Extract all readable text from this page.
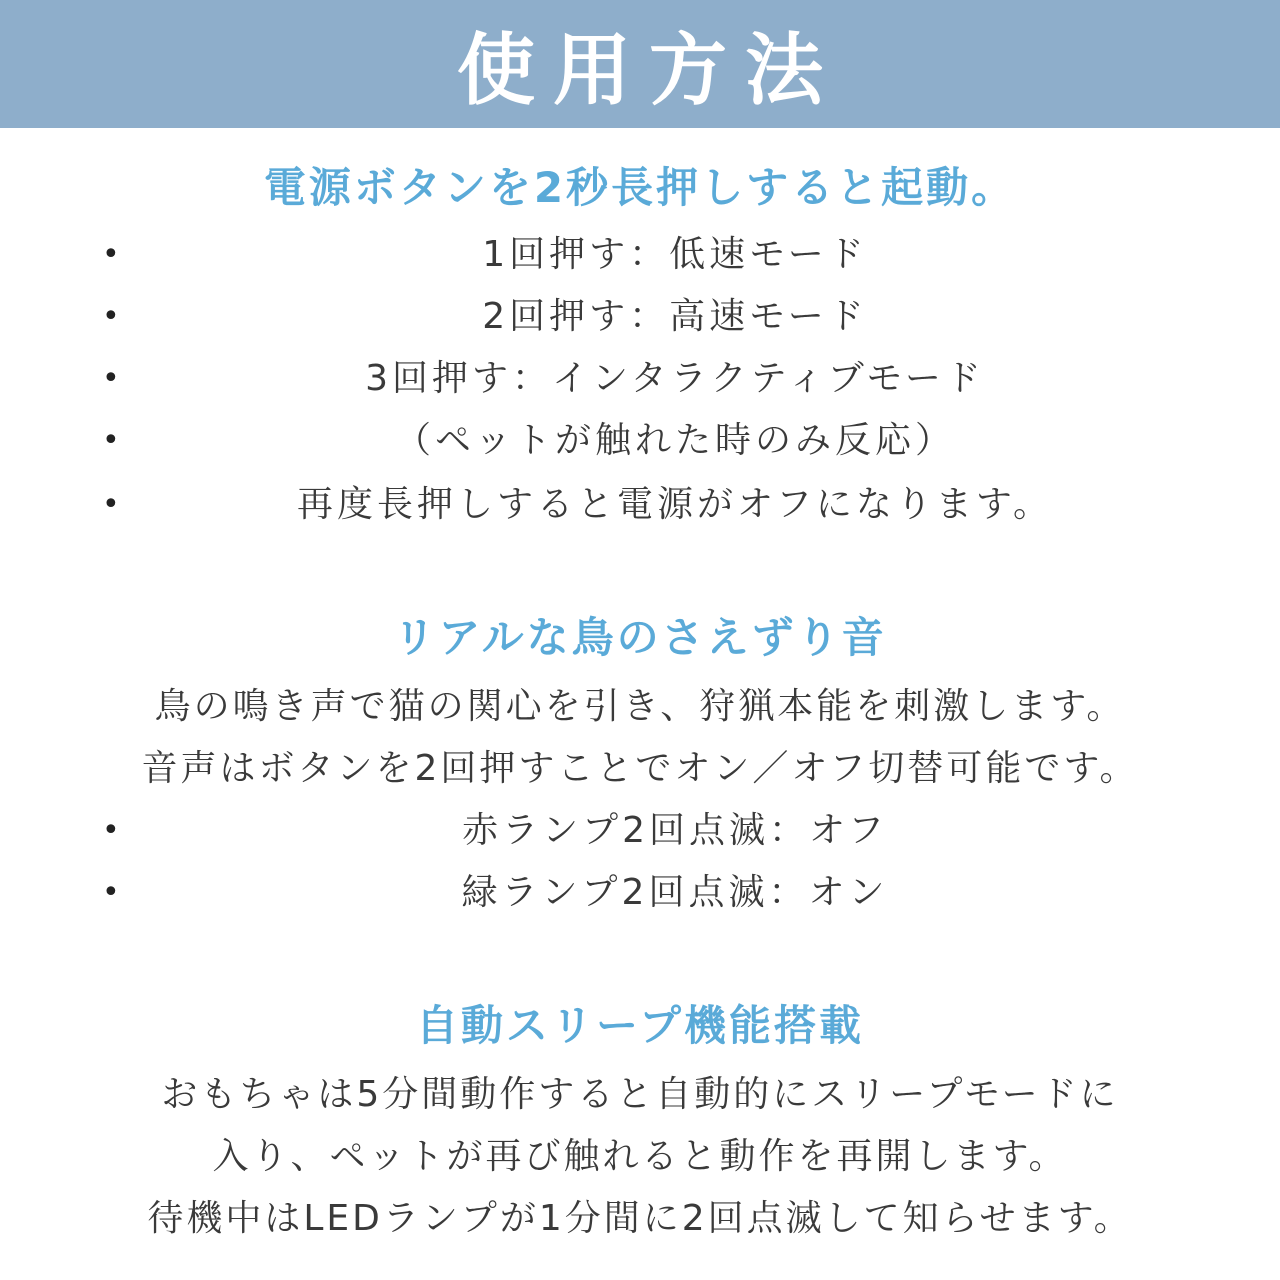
使用方法
電源ボタンを2秒長押しすると起動。
•	1回押す：低速モード
•	2回押す：高速モード
•	3回押す：インタラクティブモード
•	（ペットが触れた時のみ反応）
•	再度長押しすると電源がオフになります。
リアルな鳥のさえずり音
鳥の鳴き声で猫の関心を引き、狩猟本能を刺激します。
音声はボタンを2回押すことでオン／オフ切替可能です。
•	赤ランプ2回点滅：オフ
•	緑ランプ2回点滅：オン
自動スリープ機能搭載
おもちゃは5分間動作すると自動的にスリープモードに
入り、ペットが再び触れると動作を再開します。
待機中はLEDランプが1分間に2回点滅して知らせます。
